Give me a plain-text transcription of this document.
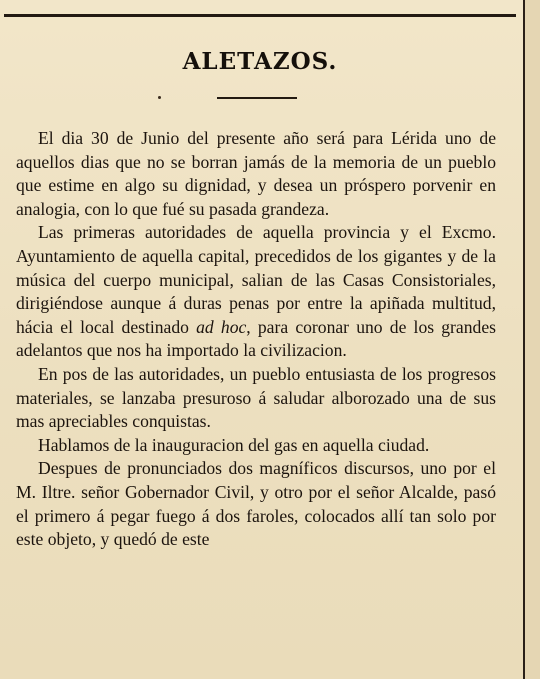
ALETAZOS.

El dia 30 de Junio del presente año será para Lérida uno de aquellos dias que no se borran jamás de la memoria de un pueblo que estime en algo su dignidad, y desea un próspero porvenir en analogia, con lo que fué su pasada grandeza.

Las primeras autoridades de aquella provincia y el Excmo. Ayuntamiento de aquella capital, precedidos de los gigantes y de la música del cuerpo municipal, salian de las Casas Consistoriales, dirigiéndose aunque á duras penas por entre la apiñada multitud, hácia el local destinado ad hoc, para coronar uno de los grandes adelantos que nos ha importado la civilizacion.

En pos de las autoridades, un pueblo entusiasta de los progresos materiales, se lanzaba presuroso á saludar alborozado una de sus mas apreciables conquistas.

Hablamos de la inauguracion del gas en aquella ciudad.

Despues de pronunciados dos magníficos discursos, uno por el M. Iltre. señor Gobernador Civil, y otro por el señor Alcalde, pasó el primero á pegar fuego á dos faroles, colocados allí tan solo por este objeto, y quedó de este
